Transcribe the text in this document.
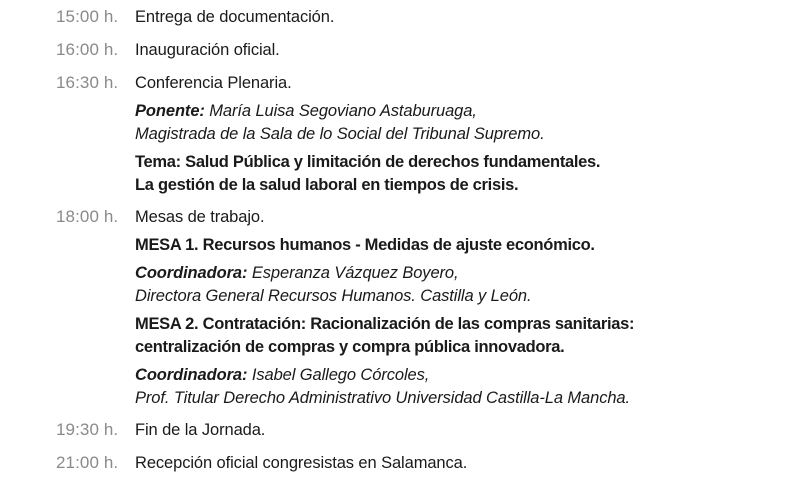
15:00 h. Entrega de documentación.
16:00 h. Inauguración oficial.
16:30 h. Conferencia Plenaria.
Ponente: María Luisa Segoviano Astaburuaga,
Magistrada de la Sala de lo Social del Tribunal Supremo.
Tema: Salud Pública y limitación de derechos fundamentales.
La gestión de la salud laboral en tiempos de crisis.
18:00 h. Mesas de trabajo.
MESA 1. Recursos humanos - Medidas de ajuste económico.
Coordinadora: Esperanza Vázquez Boyero,
Directora General Recursos Humanos. Castilla y León.
MESA 2. Contratación: Racionalización de las compras sanitarias:
centralización de compras y compra pública innovadora.
Coordinadora: Isabel Gallego Córcoles,
Prof. Titular Derecho Administrativo Universidad Castilla-La Mancha.
19:30 h. Fin de la Jornada.
21:00 h. Recepción oficial congresistas en Salamanca.
